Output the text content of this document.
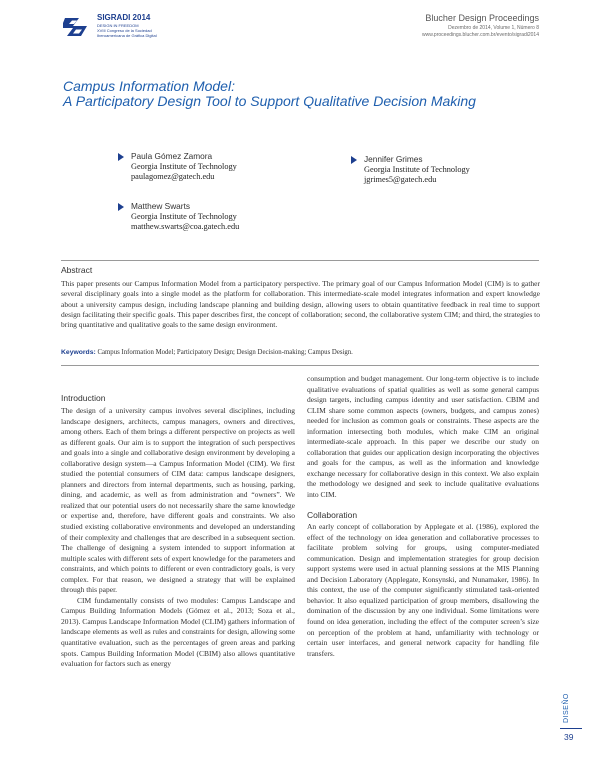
SIGRADI 2014
DESIGN IN FREEDOM
XVIII Congreso de la Sociedad
Iberoamericana de Gráfica Digital
Blucher Design Proceedings
Dezembro de 2014, Volume 1, Número 8
www.proceedings.blucher.com.br/evento/sigradi2014
Campus Information Model:
A Participatory Design Tool to Support Qualitative Decision Making
Paula Gómez Zamora
Georgia Institute of Technology
paulagomez@gatech.edu
Matthew Swarts
Georgia Institute of Technology
matthew.swarts@coa.gatech.edu
Jennifer Grimes
Georgia Institute of Technology
jgrimes5@gatech.edu
Abstract
This paper presents our Campus Information Model from a participatory perspective. The primary goal of our Campus Information Model (CIM) is to gather several disciplinary goals into a single model as the platform for collaboration. This intermediate-scale model integrates information and expert knowledge about a university campus design, including landscape planning and building design, allowing users to obtain quantitative feedback in real time to support design facilitating their specific goals. This paper describes first, the concept of collaboration; second, the collaborative system CIM; and third, the strategies to bring quantitative and qualitative goals to the same design environment.
Keywords: Campus Information Model; Participatory Design; Design Decision-making; Campus Design.
Introduction

The design of a university campus involves several disciplines, including landscape designers, architects, campus managers, owners and directives, among others. Each of them brings a different perspective on projects as well as different goals. Our aim is to support the integration of such perspectives and goals into a single and collaborative design environment by developing a collaborative design system—a Campus Information Model (CIM). We first studied the potential consumers of CIM data: campus landscape designers, planners and directors from internal departments, such as housing, parking, dining, and academic, as well as from administration and “owners”. We realized that our potential users do not necessarily share the same knowledge or expertise and, therefore, have different goals and constraints. We also studied existing collaborative environments and developed an understanding of their complexity and challenges that are described in a subsequent section. The challenge of designing a system intended to support information at multiple scales with different sets of expert knowledge for the parameters and constraints, and which points to different or even contradictory goals, is very complex. For that reason, we designed a strategy that will be explained through this paper.

CIM fundamentally consists of two modules: Campus Landscape and Campus Building Information Models (Gómez et al., 2013; Soza et al., 2013). Campus Landscape Information Model (CLIM) gathers information of landscape elements as well as rules and constraints for design, allowing some quantitative evaluation, such as the percentages of green areas and parking spots. Campus Building Information Model (CBIM) also allows quantitative evaluation for factors such as energy

consumption and budget management. Our long-term objective is to include qualitative evaluations of spatial qualities as well as some general campus design targets, including campus identity and user satisfaction. CBIM and CLIM share some common aspects (owners, budgets, and campus zones) needed for inclusion as common goals or constraints. These aspects are the information intersecting both modules, which make CIM an original intermediate-scale approach. In this paper we describe our study on collaboration that guides our application design incorporating the objectives and goals for the campus, as well as the information and knowledge exchange necessary for collaborative design in this context. We also explain the methodology we designed and seek to include qualitative evaluations into CIM.

Collaboration

An early concept of collaboration by Applegate et al. (1986), explored the effect of the technology on idea generation and collaborative processes to facilitate problem solving for groups, using computer-mediated communication. Design and implementation strategies for group decision support systems were used in actual planning sessions at the MIS Planning and Decision Laboratory (Applegate, Konsynski, and Nunamaker, 1986). In this context, the use of the computer significantly stimulated task-oriented behavior. It also equalized participation of group members, disallowing the domination of the discussion by any one individual. Some limitations were found on idea generation, including the effect of the computer screen’s size on perception of the problem at hand, unfamiliarity with technology or certain user interfaces, and general network capacity for handling file transfers.

DISEÑO
39
